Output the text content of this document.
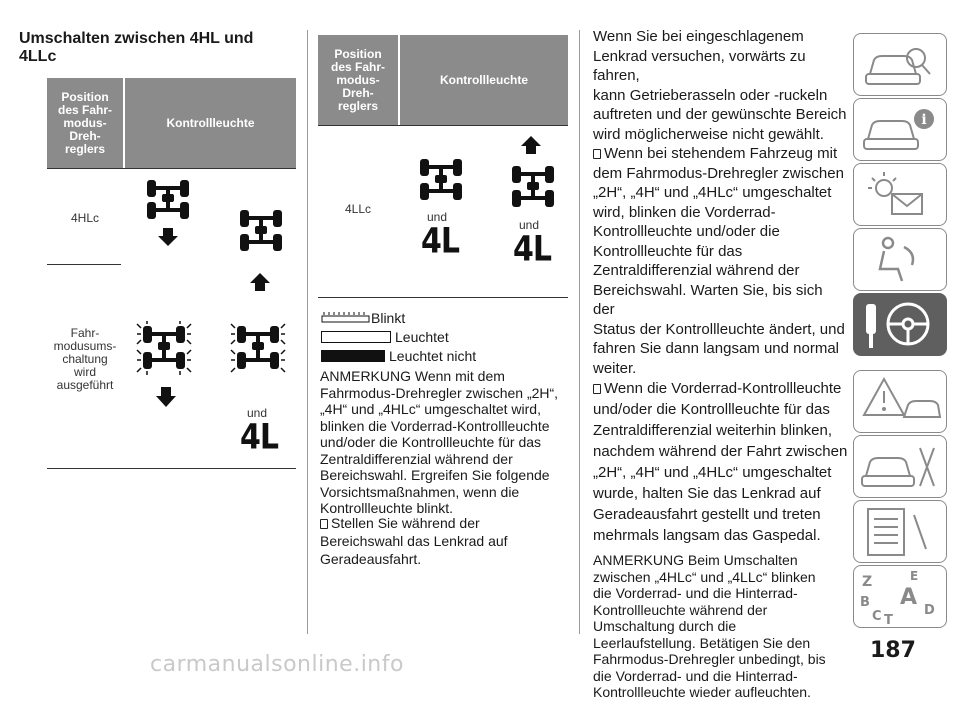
Umschalten zwischen 4HL und 4LLc
Position
des Fahr-
modus-
Dreh-
reglers
Kontrollleuchte
4HLc
Fahr-
modusums-
chaltung
wird
ausgeführt
und
4L
Position
des Fahr-
modus-
Dreh-
reglers
Kontrollleuchte
4LLc
und
und
4L 4L
Blinkt
Leuchtet
Leuchtet nicht
ANMERKUNG Wenn mit dem
Fahrmodus-Drehregler zwischen „2H“,
„4H“ und „4HLc“ umgeschaltet wird,
blinken die Vorderrad-Kontrollleuchte
und/oder die Kontrollleuchte für das
Zentraldifferenzial während der
Bereichswahl. Ergreifen Sie folgende
Vorsichtsmaßnahmen, wenn die
Kontrollleuchte blinkt.
Stellen Sie während der
Bereichswahl das Lenkrad auf
Geradeausfahrt.
Wenn Sie bei eingeschlagenem
Lenkrad versuchen, vorwärts zu fahren,
kann Getrieberasseln oder -ruckeln
auftreten und der gewünschte Bereich
wird möglicherweise nicht gewählt.
Wenn bei stehendem Fahrzeug mit
dem Fahrmodus-Drehregler zwischen
„2H“, „4H“ und „4HLc“ umgeschaltet
wird, blinken die Vorderrad-
Kontrollleuchte und/oder die
Kontrollleuchte für das
Zentraldifferenzial während der
Bereichswahl. Warten Sie, bis sich der
Status der Kontrollleuchte ändert, und
fahren Sie dann langsam und normal
weiter.
Wenn die Vorderrad-Kontrollleuchte
und/oder die Kontrollleuchte für das
Zentraldifferenzial weiterhin blinken,
nachdem während der Fahrt zwischen
„2H“, „4H“ und „4HLc“ umgeschaltet
wurde, halten Sie das Lenkrad auf
Geradeausfahrt gestellt und treten
mehrmals langsam das Gaspedal.
ANMERKUNG Beim Umschalten
zwischen „4HLc“ und „4LLc“ blinken
die Vorderrad- und die Hinterrad-
Kontrollleuchte während der
Umschaltung durch die
Leerlaufstellung. Betätigen Sie den
Fahrmodus-Drehregler unbedingt, bis
die Vorderrad- und die Hinterrad-
Kontrollleuchte wieder aufleuchten.
i
Z	E
B A
C T
D
187
carmanualsonline.info
